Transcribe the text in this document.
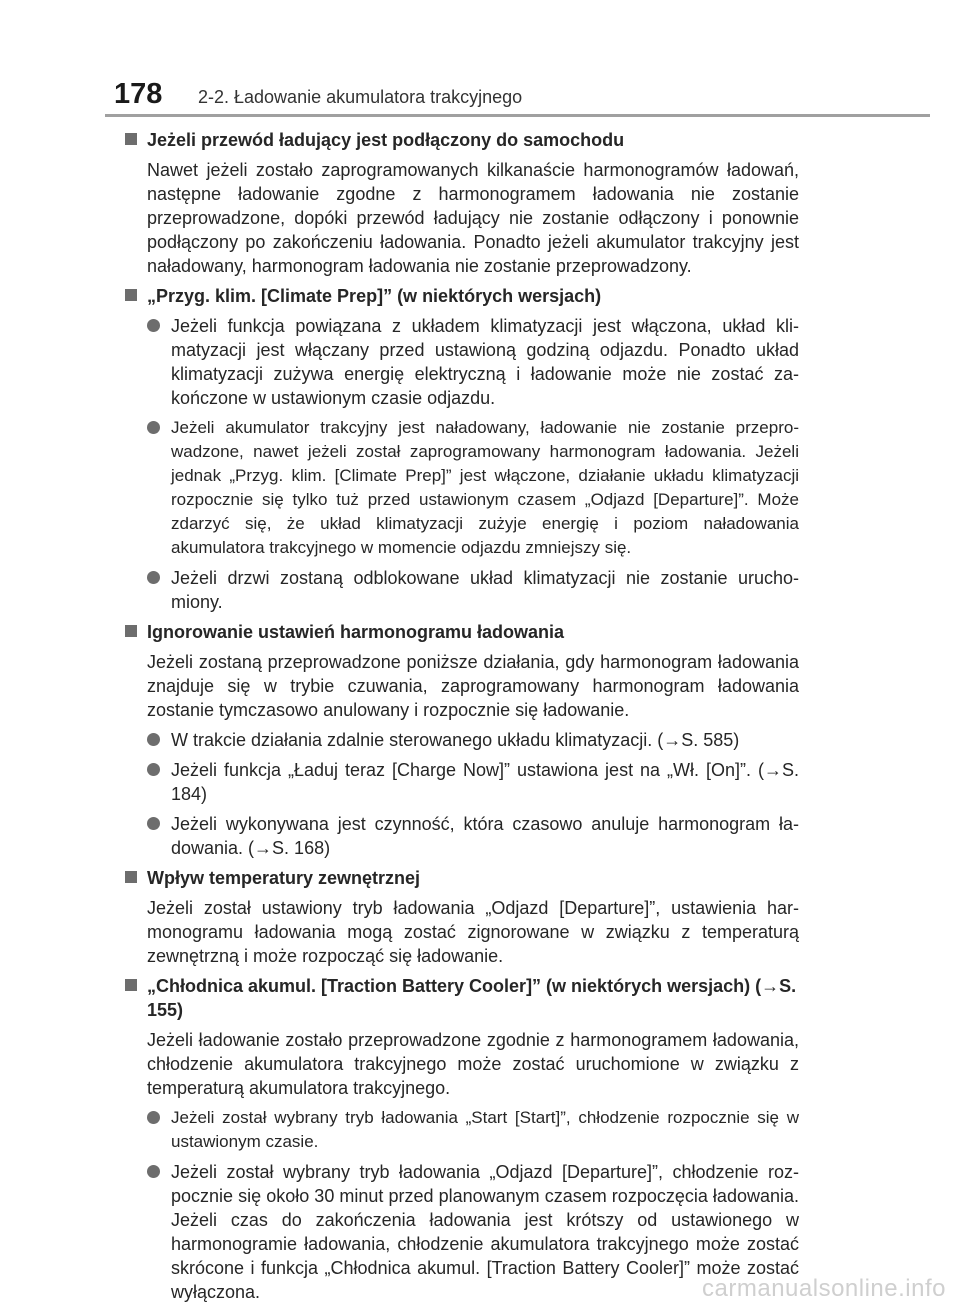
178 2-2. Ładowanie akumulatora trakcyjnego
Jeżeli przewód ładujący jest podłączony do samochodu

Nawet jeżeli zostało zaprogramowanych kilkanaście harmonogramów ładowań, następne ładowanie zgodne z harmonogramem ładowania nie zostanie przeprowadzone, dopóki przewód ładujący nie zostanie odłączony i ponownie podłączony po zakończeniu ładowania. Ponadto jeżeli akumulator trakcyjny jest naładowany, harmonogram ładowania nie zostanie przeprowadzony.

„Przyg. klim. [Climate Prep]” (w niektórych wersjach)
Jeżeli funkcja powiązana z układem klimatyzacji jest włączona, układ klimatyzacji jest włączany przed ustawioną godziną odjazdu. Ponadto układ klimatyzacji zużywa energię elektryczną i ładowanie może nie zostać zakończone w ustawionym czasie odjazdu.
Jeżeli akumulator trakcyjny jest naładowany, ładowanie nie zostanie przeprowadzone, nawet jeżeli został zaprogramowany harmonogram ładowania. Jeżeli jednak „Przyg. klim. [Climate Prep]” jest włączone, działanie układu klimatyzacji rozpocznie się tylko tuż przed ustawionym czasem „Odjazd [Departure]”. Może zdarzyć się, że układ klimatyzacji zużyje energię i poziom naładowania akumulatora trakcyjnego w momencie odjazdu zmniejszy się.
Jeżeli drzwi zostaną odblokowane układ klimatyzacji nie zostanie uruchomiony.
Ignorowanie ustawień harmonogramu ładowania

Jeżeli zostaną przeprowadzone poniższe działania, gdy harmonogram ładowania znajduje się w trybie czuwania, zaprogramowany harmonogram ładowania zostanie tymczasowo anulowany i rozpocznie się ładowanie.

W trakcie działania zdalnie sterowanego układu klimatyzacji. (→S. 585)
Jeżeli funkcja „Ładuj teraz [Charge Now]” ustawiona jest na „Wł. [On]”. (→S. 184)
Jeżeli wykonywana jest czynność, która czasowo anuluje harmonogram ładowania. (→S. 168)
Wpływ temperatury zewnętrznej

Jeżeli został ustawiony tryb ładowania „Odjazd [Departure]”, ustawienia harmonogramu ładowania mogą zostać zignorowane w związku z temperaturą zewnętrzną i może rozpocząć się ładowanie.

„Chłodnica akumul. [Traction Battery Cooler]” (w niektórych wersjach) (→S. 155)

Jeżeli ładowanie zostało przeprowadzone zgodnie z harmonogramem ładowania, chłodzenie akumulatora trakcyjnego może zostać uruchomione w związku z temperaturą akumulatora trakcyjnego.

Jeżeli został wybrany tryb ładowania „Start [Start]”, chłodzenie rozpocznie się w ustawionym czasie.
Jeżeli został wybrany tryb ładowania „Odjazd [Departure]”, chłodzenie rozpocznie się około 30 minut przed planowanym czasem rozpoczęcia ładowania. Jeżeli czas do zakończenia ładowania jest krótszy od ustawionego w harmonogramie ładowania, chłodzenie akumulatora trakcyjnego może zostać skrócone i funkcja „Chłodnica akumul. [Traction Battery Cooler]” może zostać wyłączona.	carmanualsonline.info
